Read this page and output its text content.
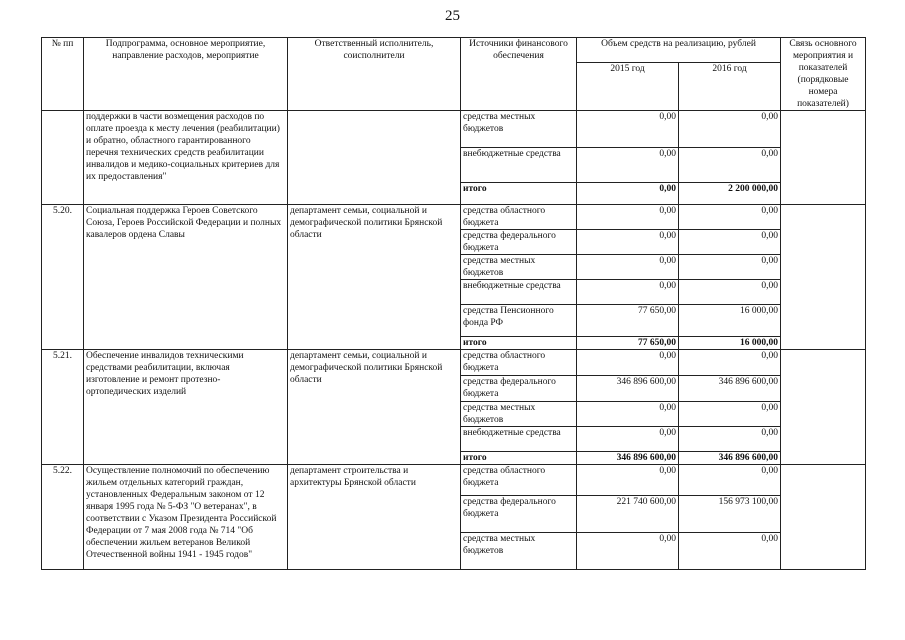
25
№ пп	Подпрограмма, основное мероприятие, направление расходов, мероприятие	Ответственный исполнитель, соисполнители	Источники финансового обеспечения	Объем средств на реализацию, рублей		Связь основного мероприятия и показателей (порядковые номера показателей)
				2015 год	2016 год	
	поддержки в части возмещения расходов по оплате проезда к месту лечения (реабилитации) и обратно, областного гарантированного перечня технических средств реабилитации инвалидов и медико-социальных критериев для их предоставления"		средства местных бюджетов	0,00	0,00	
			внебюджетные средства	0,00	0,00	
			итого	0,00	2 200 000,00	
5.20.	Социальная поддержка Героев Советского Союза, Героев Российской Федерации и полных кавалеров ордена Славы	департамент семьи, социальной и демографической политики Брянской области	средства областного бюджета	0,00	0,00	
			средства федерального бюджета	0,00	0,00	
			средства местных бюджетов	0,00	0,00	
			внебюджетные средства	0,00	0,00	
			средства Пенсионного фонда РФ	77 650,00	16 000,00	
			итого	77 650,00	16 000,00	
5.21.	Обеспечение инвалидов техническими средствами реабилитации, включая изготовление и ремонт протезно-ортопедических изделий	департамент семьи, социальной и демографической политики Брянской области	средства областного бюджета	0,00	0,00	
			средства федерального бюджета	346 896 600,00	346 896 600,00	
			средства местных бюджетов	0,00	0,00	
			внебюджетные средства	0,00	0,00	
			итого	346 896 600,00	346 896 600,00	
5.22.	Осуществление полномочий по обеспечению жильем отдельных категорий граждан, установленных Федеральным законом от 12 января 1995 года № 5-ФЗ "О ветеранах", в соответствии с Указом Президента Российской Федерации от 7 мая 2008 года № 714 "Об обеспечении жильем ветеранов Великой Отечественной войны 1941 - 1945 годов"	департамент строительства и архитектуры Брянской области	средства областного бюджета	0,00	0,00	
			средства федерального бюджета	221 740 600,00	156 973 100,00	
			средства местных бюджетов	0,00	0,00	
